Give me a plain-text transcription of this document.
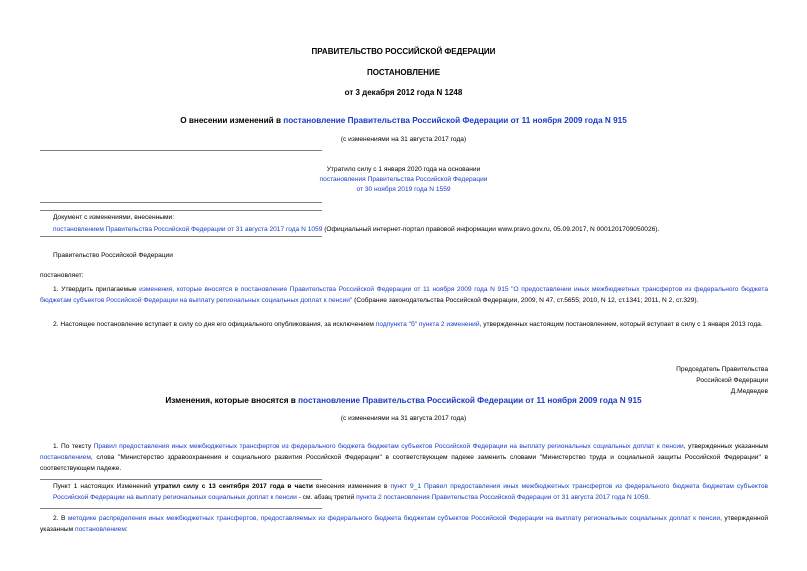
ПРАВИТЕЛЬСТВО РОССИЙСКОЙ ФЕДЕРАЦИИ
ПОСТАНОВЛЕНИЕ
от 3 декабря 2012 года N 1248
О внесении изменений в постановление Правительства Российской Федерации от 11 ноября 2009 года N 915
(с изменениями на 31 августа 2017 года)
Утратило силу с 1 января 2020 года на основании
постановления Правительства Российской Федерации
от 30 ноября 2019 года N 1559
Документ с изменениями, внесенными:
постановлением Правительства Российской Федерации от 31 августа 2017 года N 1059 (Официальный интернет-портал правовой информации www.pravo.gov.ru, 05.09.2017, N 0001201709050026).
Правительство Российской Федерации
постановляет:
1. Утвердить прилагаемые изменения, которые вносятся в постановление Правительства Российской Федерации от 11 ноября 2009 года N 915 "О предоставлении иных межбюджетных трансфертов из федерального бюджета бюджетам субъектов Российской Федерации на выплату региональных социальных доплат к пенсии" (Собрание законодательства Российской Федерации, 2009, N 47, ст.5655; 2010, N 12, ст.1341; 2011, N 2, ст.329).
2. Настоящее постановление вступает в силу со дня его официального опубликования, за исключением подпункта "б" пункта 2 изменений, утвержденных настоящим постановлением, который вступает в силу с 1 января 2013 года.
Председатель Правительства
Российской Федерации
Д.Медведев
Изменения, которые вносятся в постановление Правительства Российской Федерации от 11 ноября 2009 года N 915
(с изменениями на 31 августа 2017 года)
1. По тексту Правил предоставления иных межбюджетных трансфертов из федерального бюджета бюджетам субъектов Российской Федерации на выплату региональных социальных доплат к пенсии, утвержденных указанным постановлением, слова "Министерство здравоохранения и социального развития Российской Федерации" в соответствующем падеже заменить словами "Министерство труда и социальной защиты Российской Федерации" в соответствующем падеже.
Пункт 1 настоящих Изменений утратил силу с 13 сентября 2017 года в части внесения изменения в пункт 9_1 Правил предоставления иных межбюджетных трансфертов из федерального бюджета бюджетам субъектов Российской Федерации на выплату региональных социальных доплат к пенсии - см. абзац третий пункта 2 постановления Правительства Российской Федерации от 31 августа 2017 года N 1059.
2. В методике распределения иных межбюджетных трансфертов, предоставляемых из федерального бюджета бюджетам субъектов Российской Федерации на выплату региональных социальных доплат к пенсии, утвержденной указанным постановлением:
